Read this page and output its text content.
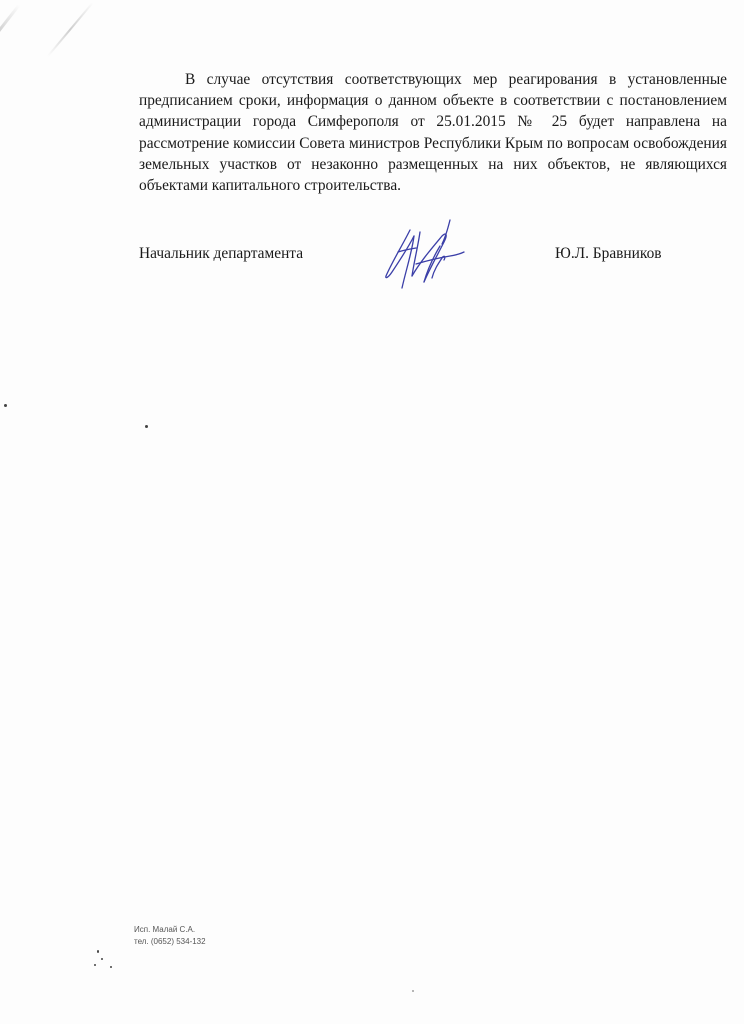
В случае отсутствия соответствующих мер реагирования в установленные предписанием сроки, информация о данном объекте в соответствии с постановлением администрации города Симферополя от 25.01.2015 № 25 будет направлена на рассмотрение комиссии Совета министров Республики Крым по вопросам освобождения земельных участков от незаконно размещенных на них объектов, не являющихся объектами капитального строительства.

Начальник департамента	Ю.Л. Бравников
Исп. Малай С.А.
тел. (0652) 534-132
